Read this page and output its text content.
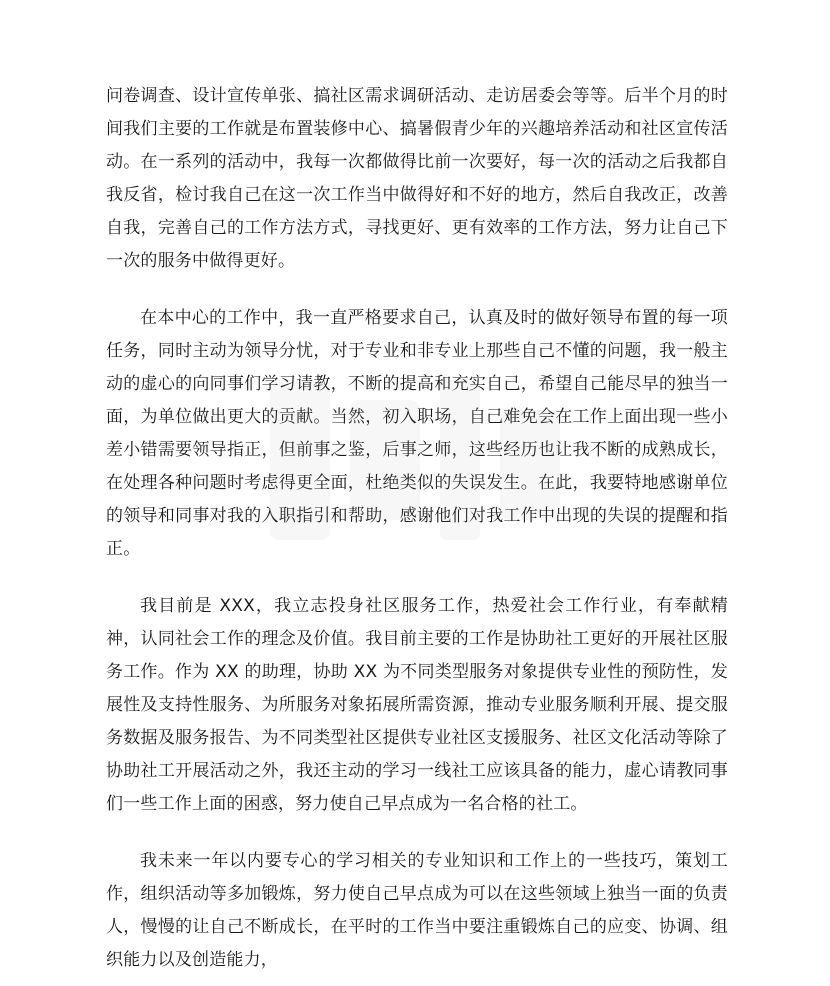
问卷调查、设计宣传单张、搞社区需求调研活动、走访居委会等等。后半个月的时间我们主要的工作就是布置装修中心、搞暑假青少年的兴趣培养活动和社区宣传活动。在一系列的活动中，我每一次都做得比前一次要好，每一次的活动之后我都自我反省，检讨我自己在这一次工作当中做得好和不好的地方，然后自我改正，改善自我，完善自己的工作方法方式，寻找更好、更有效率的工作方法，努力让自己下一次的服务中做得更好。

在本中心的工作中，我一直严格要求自己，认真及时的做好领导布置的每一项任务，同时主动为领导分忧，对于专业和非专业上那些自己不懂的问题，我一般主动的虚心的向同事们学习请教，不断的提高和充实自己，希望自己能尽早的独当一面，为单位做出更大的贡献。当然，初入职场，自己难免会在工作上面出现一些小差小错需要领导指正，但前事之鉴，后事之师，这些经历也让我不断的成熟成长，在处理各种问题时考虑得更全面，杜绝类似的失误发生。在此，我要特地感谢单位的领导和同事对我的入职指引和帮助，感谢他们对我工作中出现的失误的提醒和指正。

我目前是 XXX，我立志投身社区服务工作，热爱社会工作行业，有奉献精神，认同社会工作的理念及价值。我目前主要的工作是协助社工更好的开展社区服务工作。作为 XX 的助理，协助 XX 为不同类型服务对象提供专业性的预防性，发展性及支持性服务、为所服务对象拓展所需资源，推动专业服务顺利开展、提交服务数据及服务报告、为不同类型社区提供专业社区支援服务、社区文化活动等除了协助社工开展活动之外，我还主动的学习一线社工应该具备的能力，虚心请教同事们一些工作上面的困惑，努力使自己早点成为一名合格的社工。

我未来一年以内要专心的学习相关的专业知识和工作上的一些技巧，策划工作，组织活动等多加锻炼，努力使自己早点成为可以在这些领域上独当一面的负责人，慢慢的让自己不断成长，在平时的工作当中要注重锻炼自己的应变、协调、组织能力以及创造能力，
